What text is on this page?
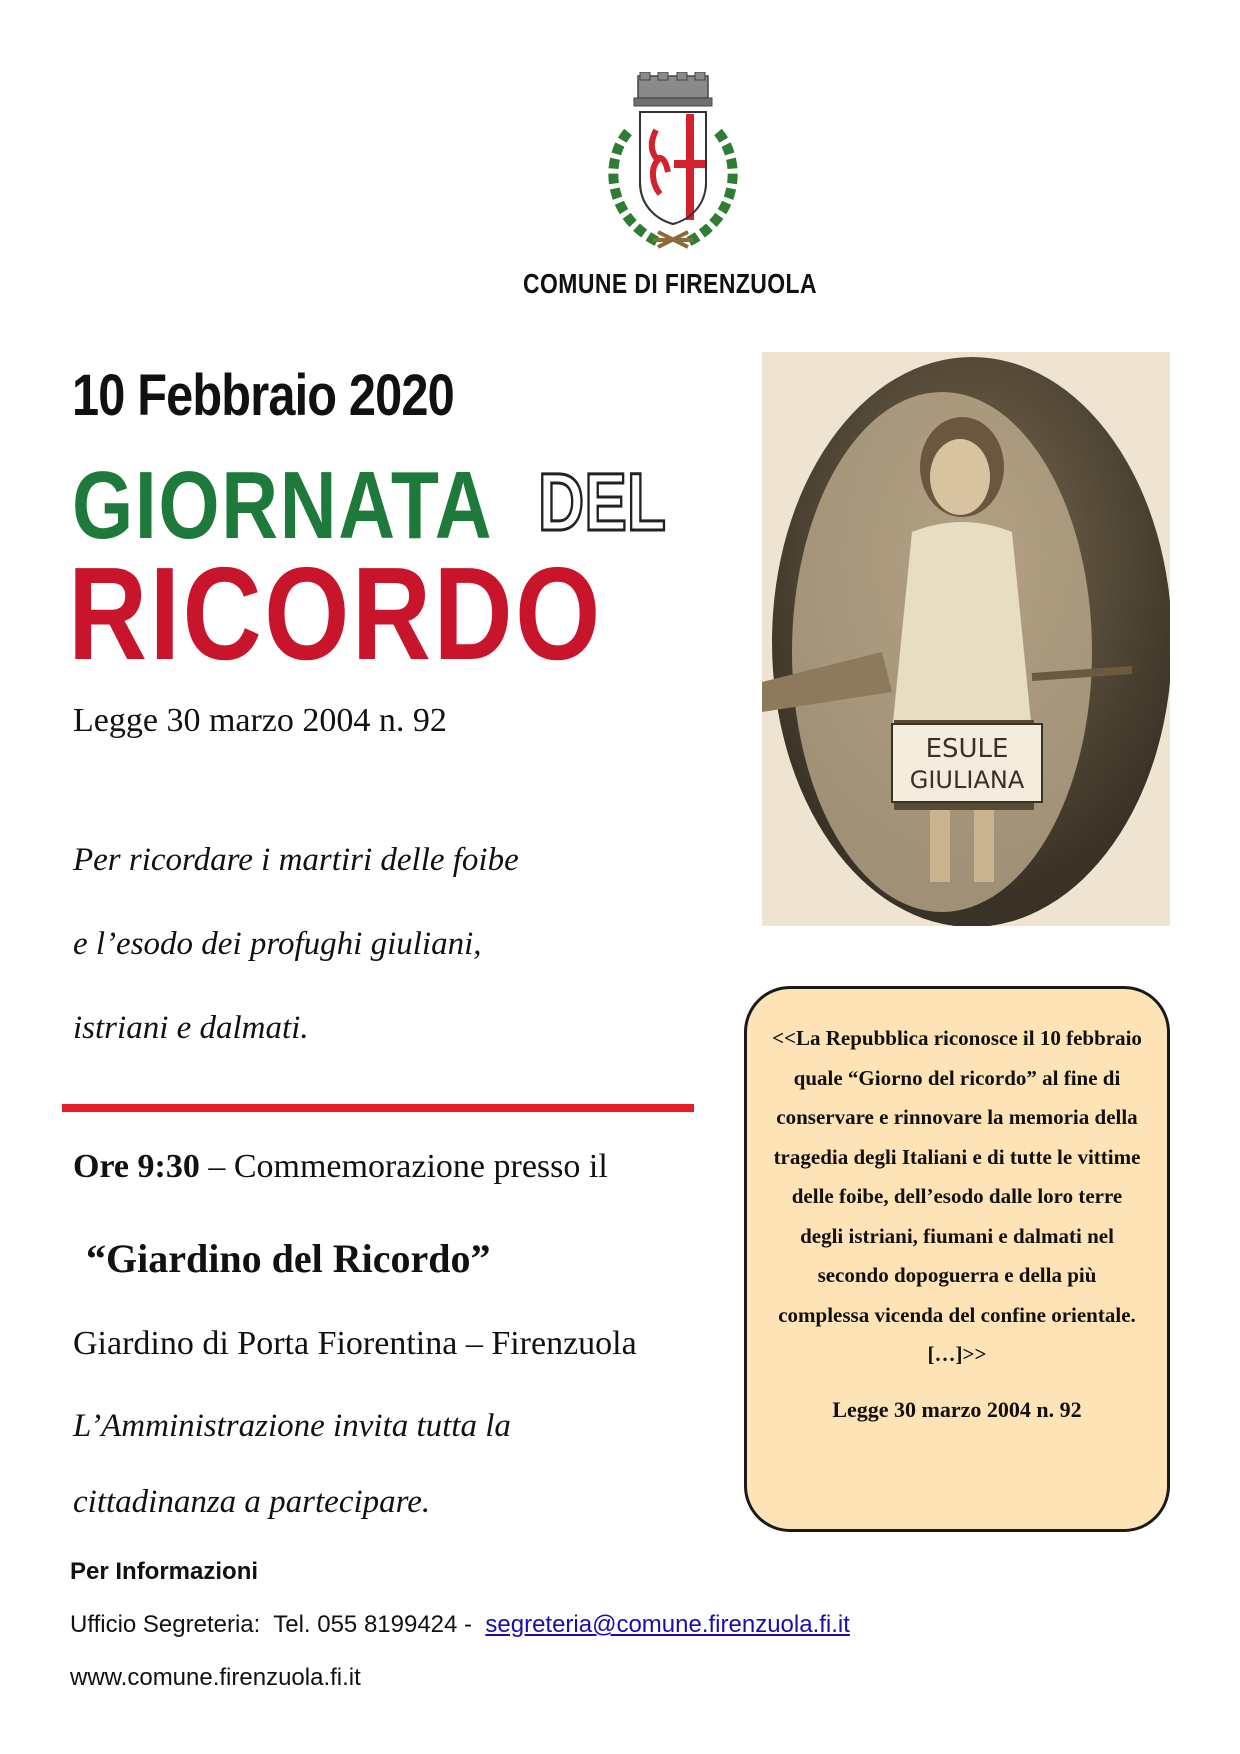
COMUNE DI FIRENZUOLA
10 Febbraio 2020
GIORNATA DEL
RICORDO
Legge 30 marzo 2004 n. 92
Per ricordare i martiri delle foibe
e l’esodo dei profughi giuliani,
istriani e dalmati.
Ore 9:30 – Commemorazione presso il
“Giardino del Ricordo”
Giardino di Porta Fiorentina – Firenzuola
L’Amministrazione invita tutta la
cittadinanza a partecipare.
Per Informazioni
Ufficio Segreteria:  Tel. 055 8199424 -  segreteria@comune.firenzuola.fi.it
www.comune.firenzuola.fi.it
ESULE
GIULIANA
<<La Repubblica riconosce il 10 febbraio quale “Giorno del ricordo” al fine di conservare e rinnovare la memoria della tragedia degli Italiani e di tutte le vittime delle foibe, dell’esodo dalle loro terre degli istriani, fiumani e dalmati nel secondo dopoguerra e della più complessa vicenda del confine orientale. […]>>
Legge 30 marzo 2004 n. 92
